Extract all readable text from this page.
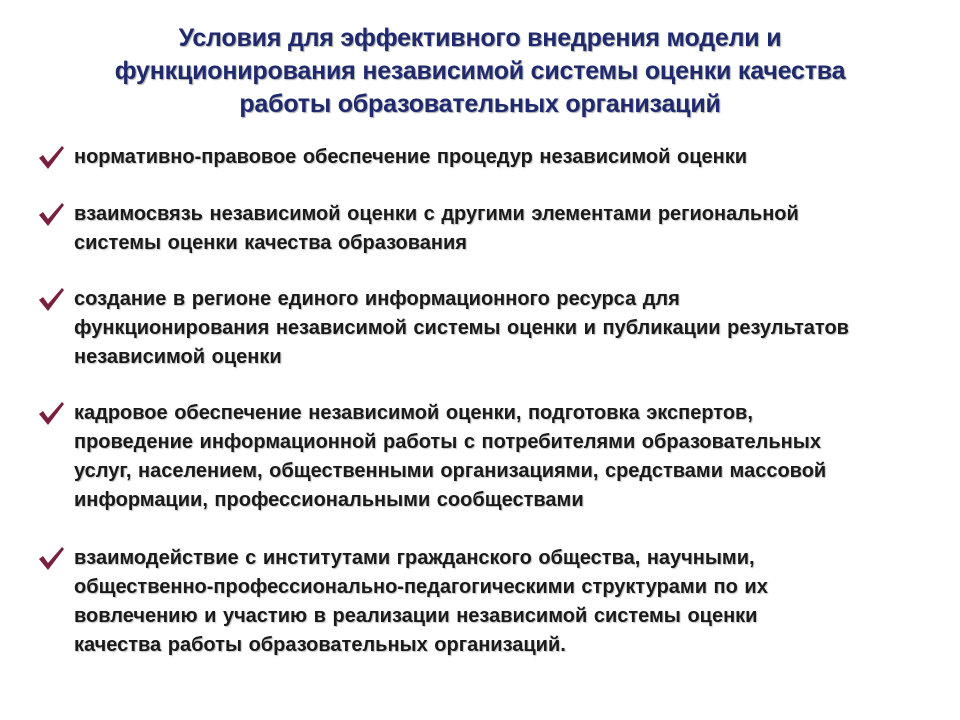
Условия для эффективного внедрения модели и
функционирования независимой системы оценки качества
работы образовательных организаций
нормативно-правовое обеспечение процедур независимой оценки
взаимосвязь независимой оценки с другими элементами региональной
системы оценки качества образования
создание в регионе единого информационного ресурса для
функционирования независимой системы оценки и публикации результатов
независимой оценки
кадровое обеспечение независимой оценки, подготовка экспертов,
проведение информационной работы с потребителями образовательных
услуг, населением, общественными организациями, средствами массовой
информации, профессиональными сообществами
взаимодействие с институтами гражданского общества, научными,
общественно-профессионально-педагогическими структурами по их
вовлечению и участию в реализации независимой системы оценки
качества работы образовательных организаций.
